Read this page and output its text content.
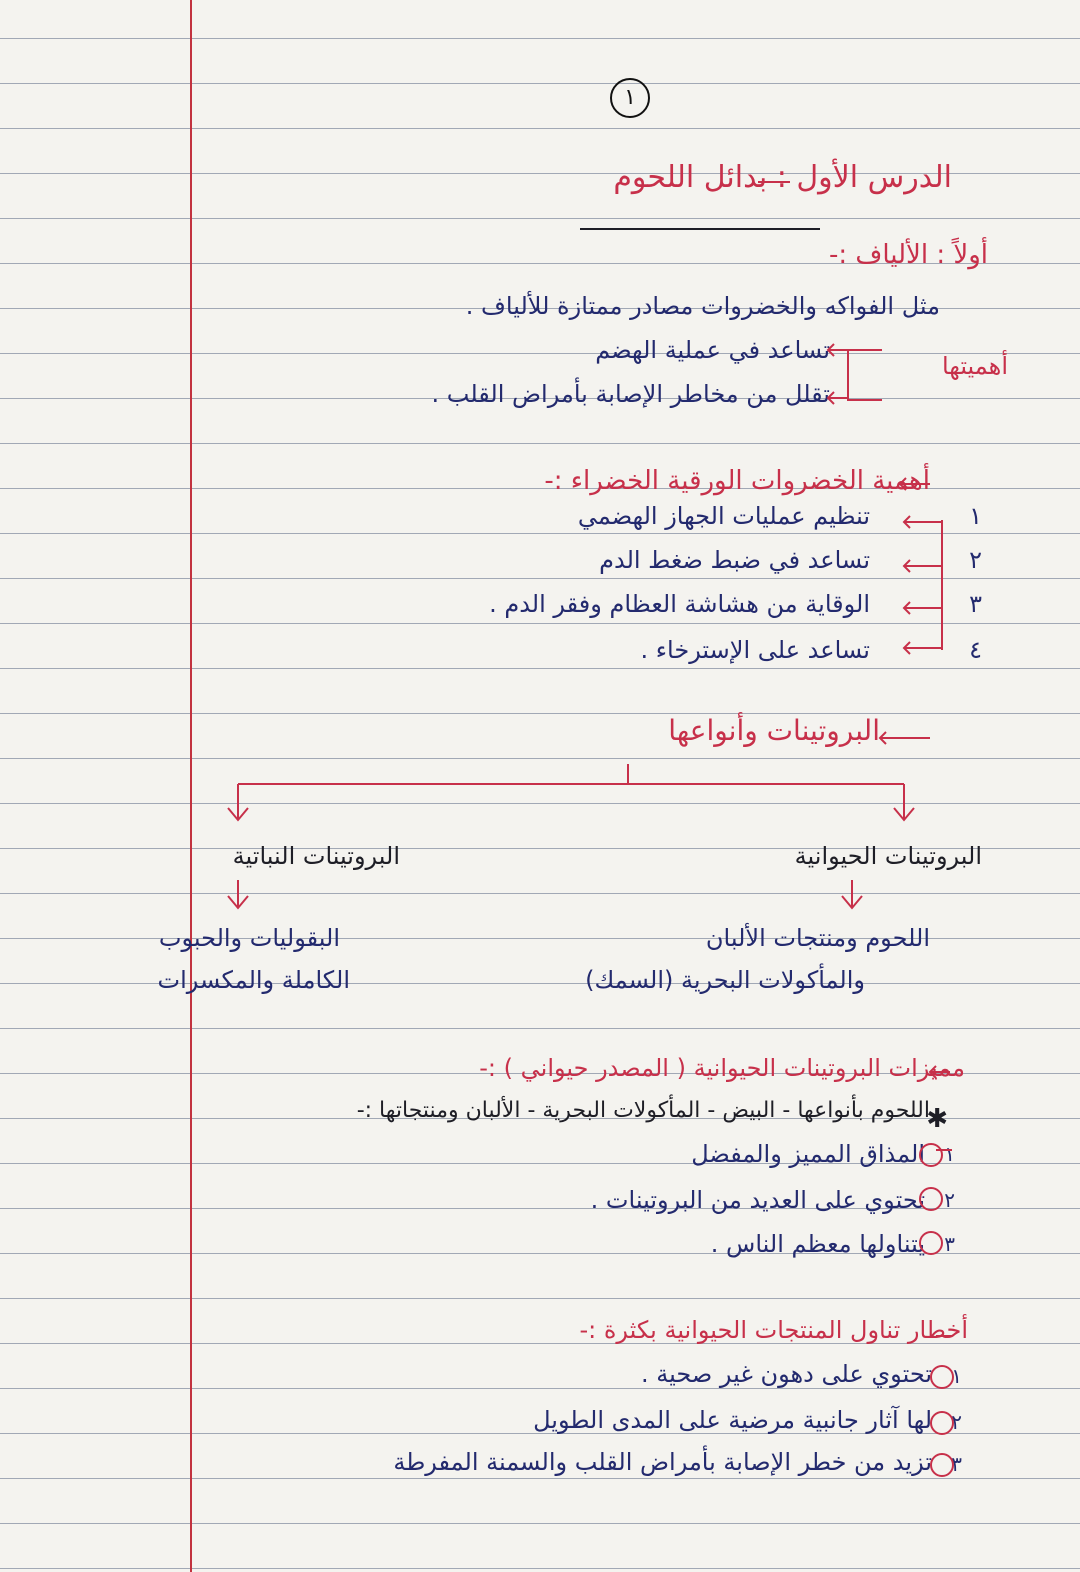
١
الدرس الأول : بدائل اللحوم
أولاً : الألياف :-
مثل الفواكه والخضروات مصادر ممتازة للألياف .
أهميتها
تساعد في عملية الهضم
تقلل من مخاطر الإصابة بأمراض القلب .
أهمية الخضروات الورقية الخضراء :-
١
تنظيم عمليات الجهاز الهضمي
٢
تساعد في ضبط ضغط الدم
٣
الوقاية من هشاشة العظام وفقر الدم .
٤
تساعد على الإسترخاء .
البروتينات وأنواعها
البروتينات الحيوانية
البروتينات النباتية
اللحوم ومنتجات الألبان
والمأكولات البحرية (السمك)
البقوليات والحبوب
الكاملة والمكسرات
مميزات البروتينات الحيوانية ( المصدر حيواني ) :-
اللحوم بأنواعها - البيض - المأكولات البحرية - الألبان ومنتجاتها :-
✱
١
المذاق المميز والمفضل
٢
تحتوي على العديد من البروتينات .
٣
يتناولها معظم الناس .
أخطار تناول المنتجات الحيوانية بكثرة :-
١
تحتوي على دهون غير صحية .
٢
لها آثار جانبية مرضية على المدى الطويل
٣
تزيد من خطر الإصابة بأمراض القلب والسمنة المفرطة
